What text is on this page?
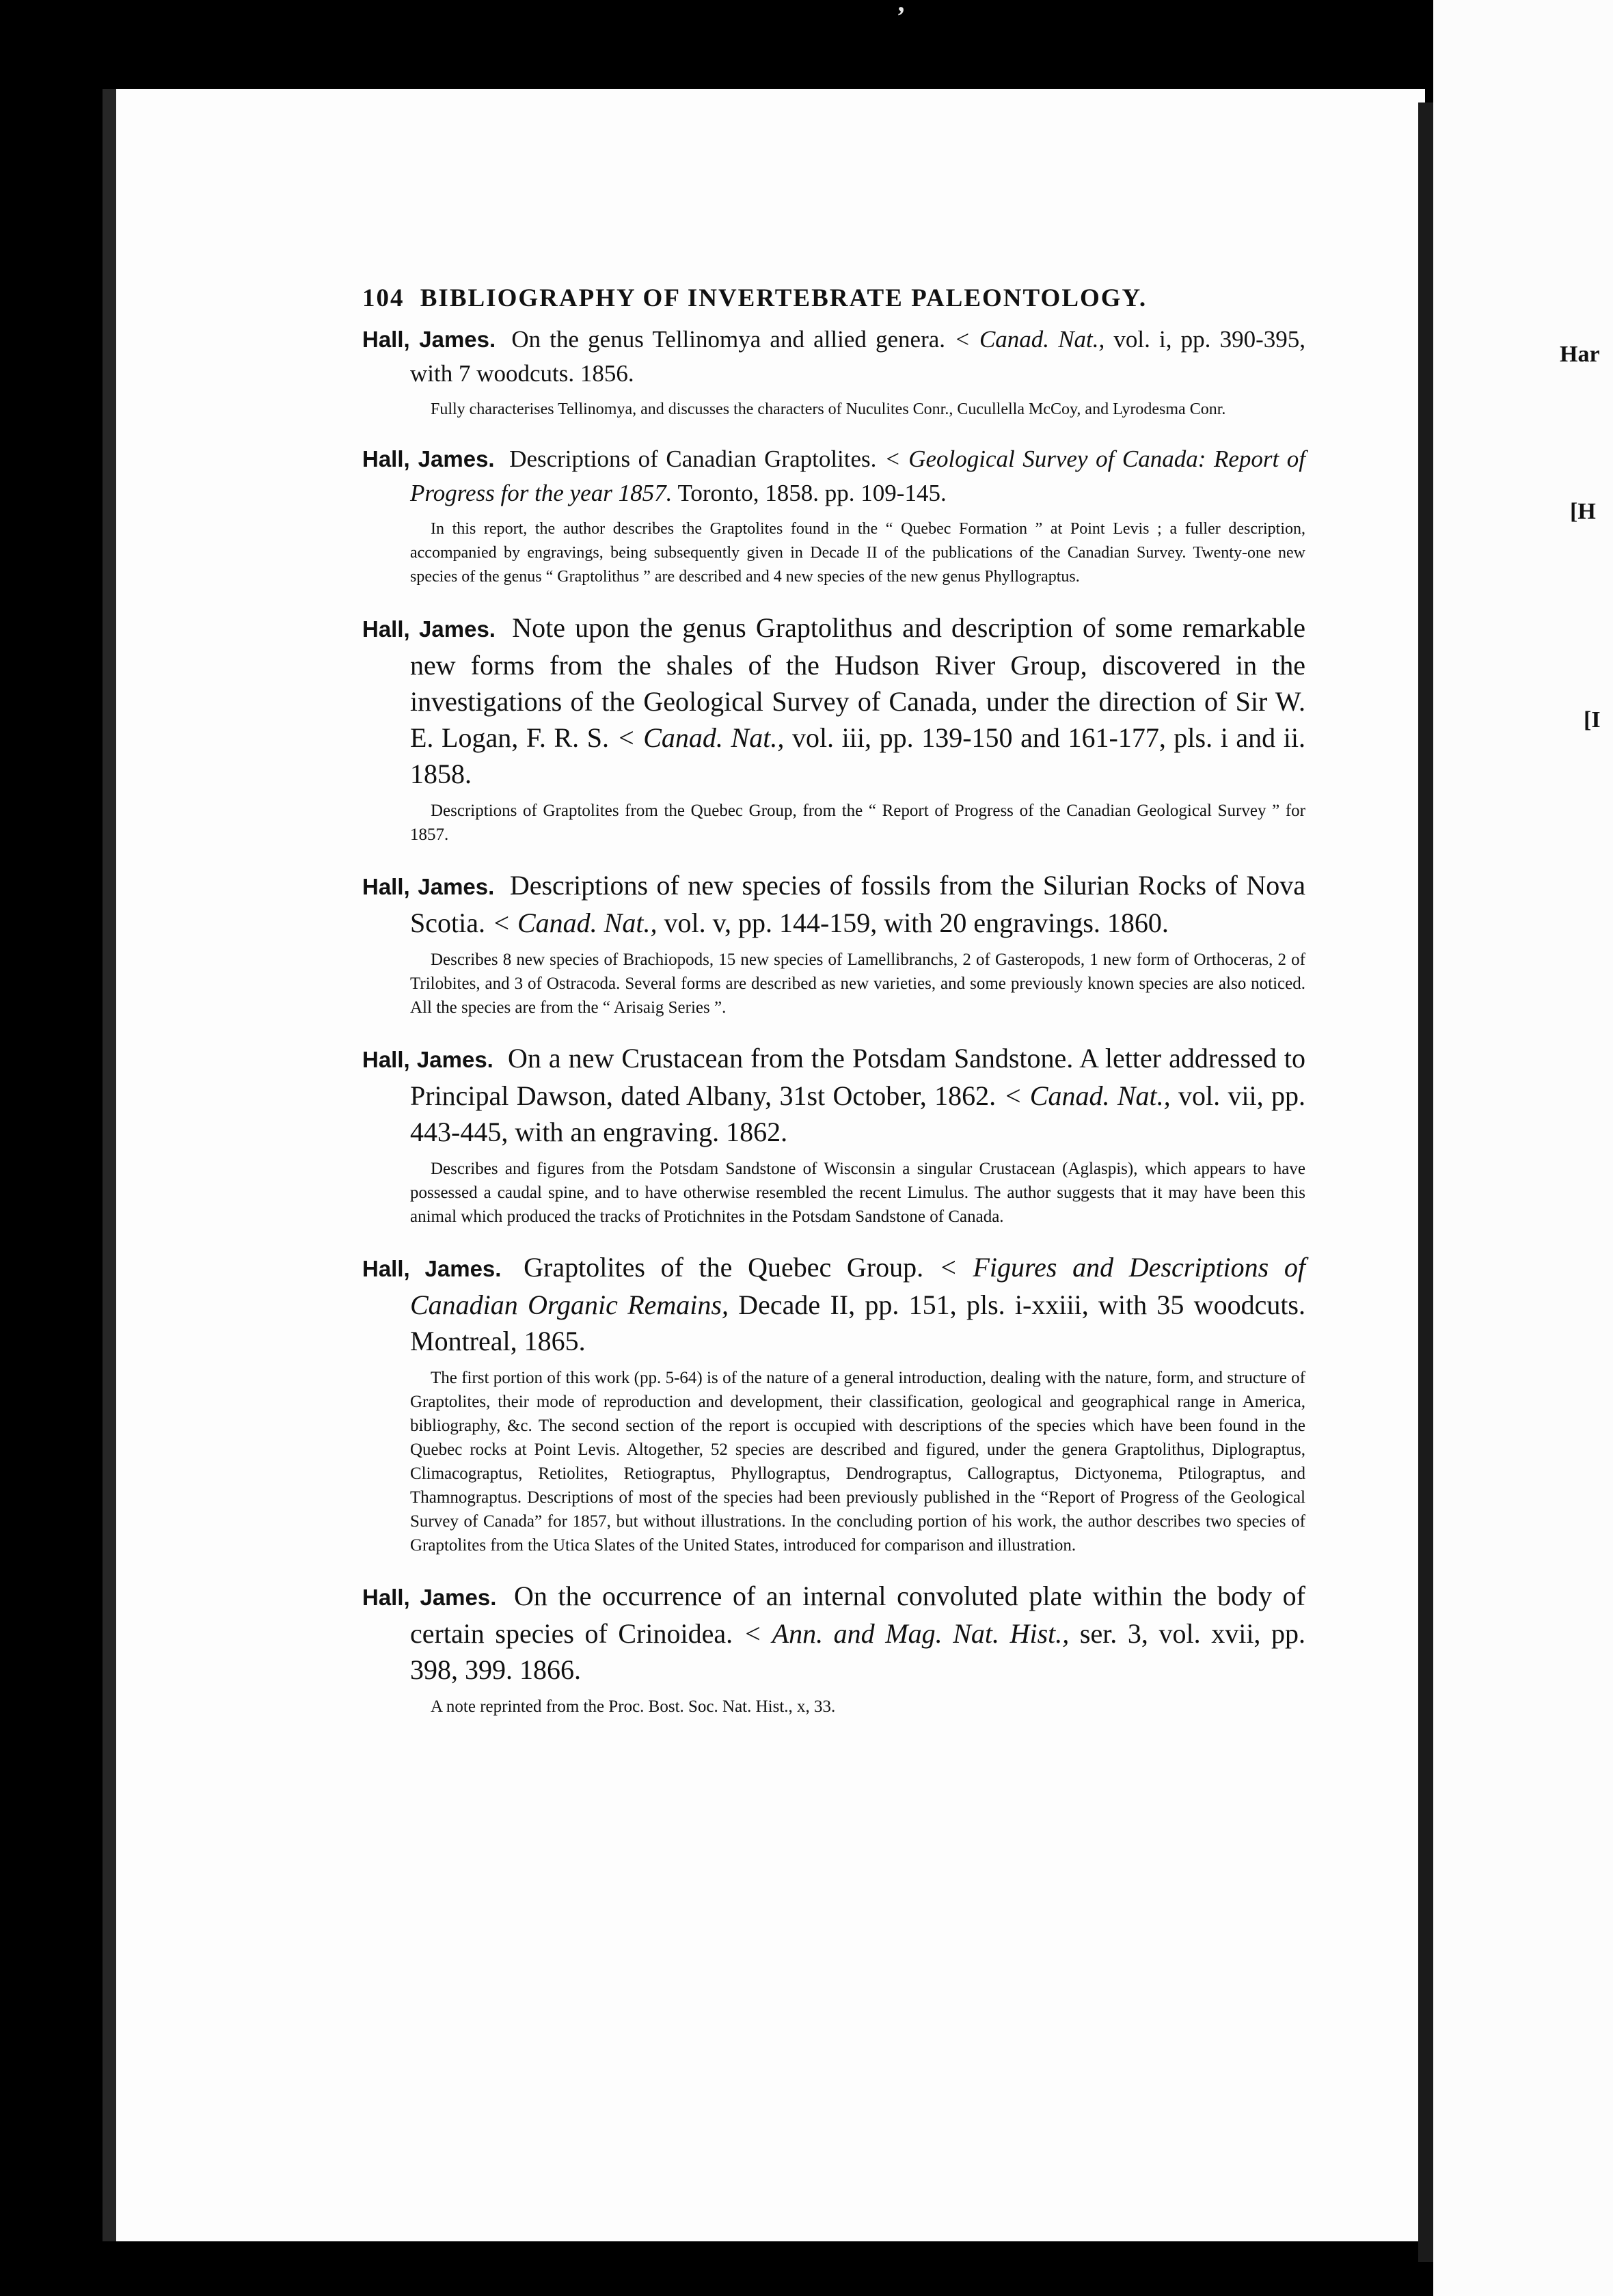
’
Har
[H
[I
104 BIBLIOGRAPHY OF INVERTEBRATE PALEONTOLOGY.
Hall, James. On the genus Tellinomya and allied genera. < Canad. Nat., vol. i, pp. 390-395, with 7 woodcuts. 1856.
Fully characterises Tellinomya, and discusses the characters of Nuculites Conr., Cucullella McCoy, and Lyrodesma Conr.
Hall, James. Descriptions of Canadian Graptolites. < Geological Survey of Canada: Report of Progress for the year 1857. Toronto, 1858. pp. 109-145.
In this report, the author describes the Graptolites found in the “ Quebec Formation ” at Point Levis ; a fuller description, accompanied by engravings, being subsequently given in Decade II of the publications of the Canadian Survey. Twenty-one new species of the genus “ Graptolithus ” are described and 4 new species of the new genus Phyllograptus.
Hall, James. Note upon the genus Graptolithus and description of some remarkable new forms from the shales of the Hudson River Group, discovered in the investigations of the Geological Survey of Canada, under the direction of Sir W. E. Logan, F. R. S. < Canad. Nat., vol. iii, pp. 139-150 and 161-177, pls. i and ii. 1858.
Descriptions of Graptolites from the Quebec Group, from the “ Report of Progress of the Canadian Geological Survey ” for 1857.
Hall, James. Descriptions of new species of fossils from the Silurian Rocks of Nova Scotia. < Canad. Nat., vol. v, pp. 144-159, with 20 engravings. 1860.
Describes 8 new species of Brachiopods, 15 new species of Lamellibranchs, 2 of Gasteropods, 1 new form of Orthoceras, 2 of Trilobites, and 3 of Ostracoda. Several forms are described as new varieties, and some previously known species are also noticed. All the species are from the “ Arisaig Series ”.
Hall, James. On a new Crustacean from the Potsdam Sandstone. A letter addressed to Principal Dawson, dated Albany, 31st October, 1862. < Canad. Nat., vol. vii, pp. 443-445, with an engraving. 1862.
Describes and figures from the Potsdam Sandstone of Wisconsin a singular Crustacean (Aglaspis), which appears to have possessed a caudal spine, and to have otherwise resembled the recent Limulus. The author suggests that it may have been this animal which produced the tracks of Protichnites in the Potsdam Sandstone of Canada.
Hall, James. Graptolites of the Quebec Group. < Figures and Descriptions of Canadian Organic Remains, Decade II, pp. 151, pls. i-xxiii, with 35 woodcuts. Montreal, 1865.
The first portion of this work (pp. 5-64) is of the nature of a general introduction, dealing with the nature, form, and structure of Graptolites, their mode of reproduction and development, their classification, geological and geographical range in America, bibliography, &c. The second section of the report is occupied with descriptions of the species which have been found in the Quebec rocks at Point Levis. Altogether, 52 species are described and figured, under the genera Graptolithus, Diplograptus, Climacograptus, Retiolites, Retiograptus, Phyllograptus, Dendrograptus, Callograptus, Dictyonema, Ptilograptus, and Thamnograptus. Descriptions of most of the species had been previously published in the “Report of Progress of the Geological Survey of Canada” for 1857, but without illustrations. In the concluding portion of his work, the author describes two species of Graptolites from the Utica Slates of the United States, introduced for comparison and illustration.
Hall, James. On the occurrence of an internal convoluted plate within the body of certain species of Crinoidea. < Ann. and Mag. Nat. Hist., ser. 3, vol. xvii, pp. 398, 399. 1866.
A note reprinted from the Proc. Bost. Soc. Nat. Hist., x, 33.
